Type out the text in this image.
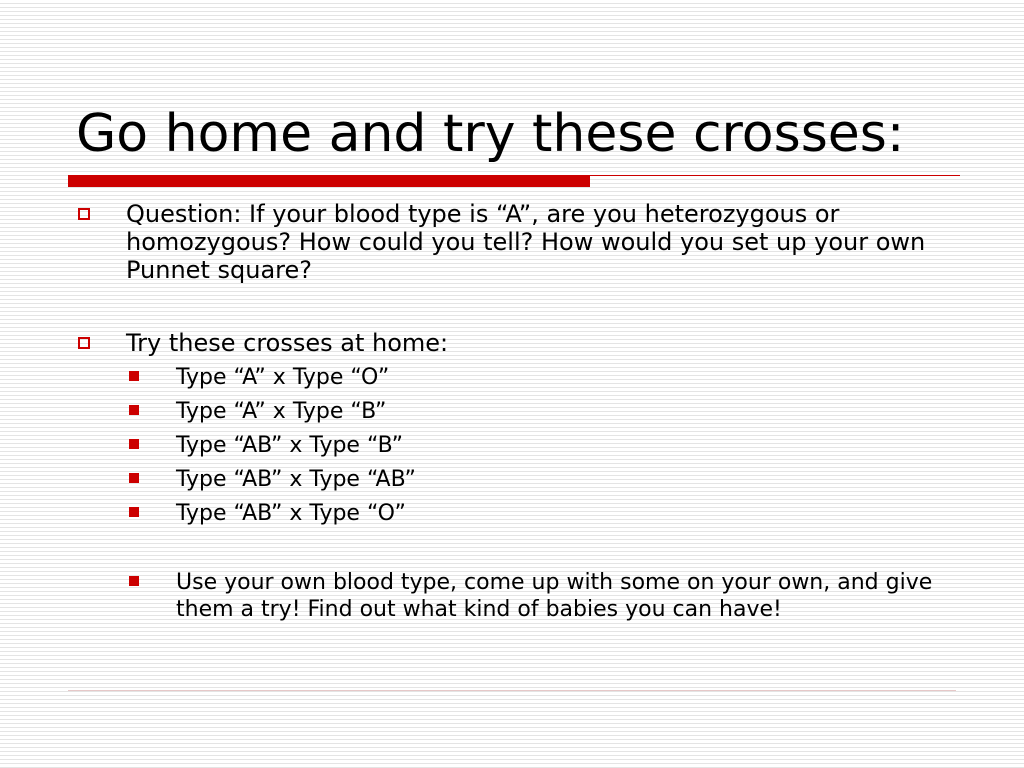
Go home and try these crosses:
Question: If your blood type is “A”, are you heterozygous or homozygous? How could you tell? How would you set up your own Punnet square?
Try these crosses at home:
Type “A” x Type “O”
Type “A” x Type “B”
Type “AB” x Type “B”
Type “AB” x Type “AB”
Type “AB” x Type “O”
Use your own blood type, come up with some on your own, and give them a try! Find out what kind of babies you can have!
